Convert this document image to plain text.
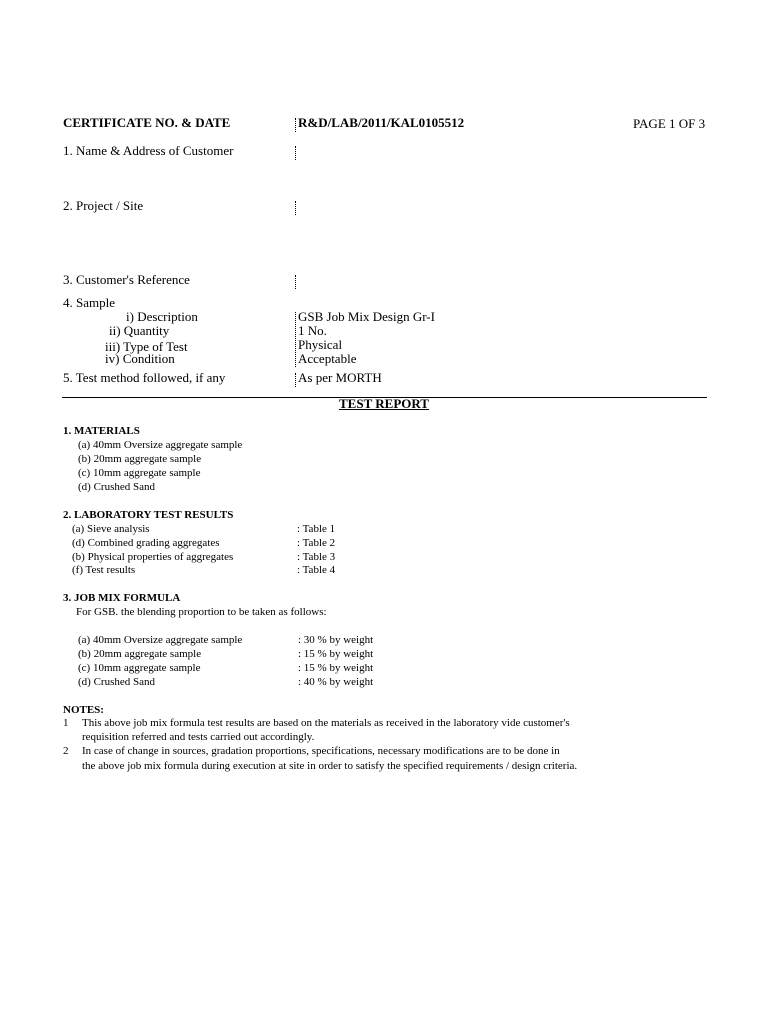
CERTIFICATE NO. & DATE	R&D/LAB/2011/KAL0105512	PAGE 1 OF 3
1. Name & Address of Customer
2. Project / Site
3. Customer's Reference
4. Sample
i) Description	GSB Job Mix Design Gr-I
ii) Quantity	1 No.
iii) Type of Test	Physical
iv) Condition	Acceptable
5. Test method followed, if any	As per MORTH
TEST REPORT
1. MATERIALS
(a) 40mm Oversize aggregate sample
(b) 20mm aggregate sample
(c) 10mm aggregate sample
(d) Crushed Sand
2. LABORATORY TEST RESULTS
(a) Sieve analysis	: Table 1
(d) Combined grading aggregates	: Table 2
(b) Physical properties of aggregates	: Table 3
(f) Test results	: Table 4
3. JOB MIX FORMULA
For GSB. the blending proportion to be taken as follows:
(a) 40mm Oversize aggregate sample	: 30 % by weight
(b) 20mm aggregate sample	: 15 % by weight
(c) 10mm aggregate sample	: 15 % by weight
(d) Crushed Sand	: 40 % by weight
NOTES:
1 This above job mix formula test results are based on the materials as received in the laboratory vide customer's
requisition referred and tests carried out accordingly.
2 In case of change in sources, gradation proportions, specifications, necessary modifications are to be done in
the above job mix formula during execution at site in order to satisfy the specified requirements / design criteria.
